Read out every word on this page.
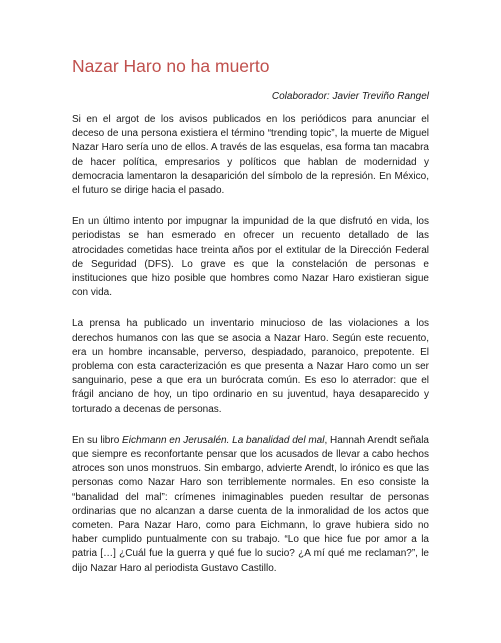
Nazar Haro no ha muerto

Colaborador: Javier Treviño Rangel

Si en el argot de los avisos publicados en los periódicos para anunciar el deceso de una persona existiera el término “trending topic”, la muerte de Miguel Nazar Haro sería uno de ellos. A través de las esquelas, esa forma tan macabra de hacer política, empresarios y políticos que hablan de modernidad y democracia lamentaron la desaparición del símbolo de la represión. En México, el futuro se dirige hacia el pasado.

En un último intento por impugnar la impunidad de la que disfrutó en vida, los periodistas se han esmerado en ofrecer un recuento detallado de las atrocidades cometidas hace treinta años por el extitular de la Dirección Federal de Seguridad (DFS). Lo grave es que la constelación de personas e instituciones que hizo posible que hombres como Nazar Haro existieran sigue con vida.

La prensa ha publicado un inventario minucioso de las violaciones a los derechos humanos con las que se asocia a Nazar Haro. Según este recuento, era un hombre incansable, perverso, despiadado, paranoico, prepotente. El problema con esta caracterización es que presenta a Nazar Haro como un ser sanguinario, pese a que era un burócrata común. Es eso lo aterrador: que el frágil anciano de hoy, un tipo ordinario en su juventud, haya desaparecido y torturado a decenas de personas.

En su libro Eichmann en Jerusalén. La banalidad del mal, Hannah Arendt señala que siempre es reconfortante pensar que los acusados de llevar a cabo hechos atroces son unos monstruos. Sin embargo, advierte Arendt, lo irónico es que las personas como Nazar Haro son terriblemente normales. En eso consiste la “banalidad del mal”: crímenes inimaginables pueden resultar de personas ordinarias que no alcanzan a darse cuenta de la inmoralidad de los actos que cometen. Para Nazar Haro, como para Eichmann, lo grave hubiera sido no haber cumplido puntualmente con su trabajo. “Lo que hice fue por amor a la patria […] ¿Cuál fue la guerra y qué fue lo sucio? ¿A mí qué me reclaman?”, le dijo Nazar Haro al periodista Gustavo Castillo.
